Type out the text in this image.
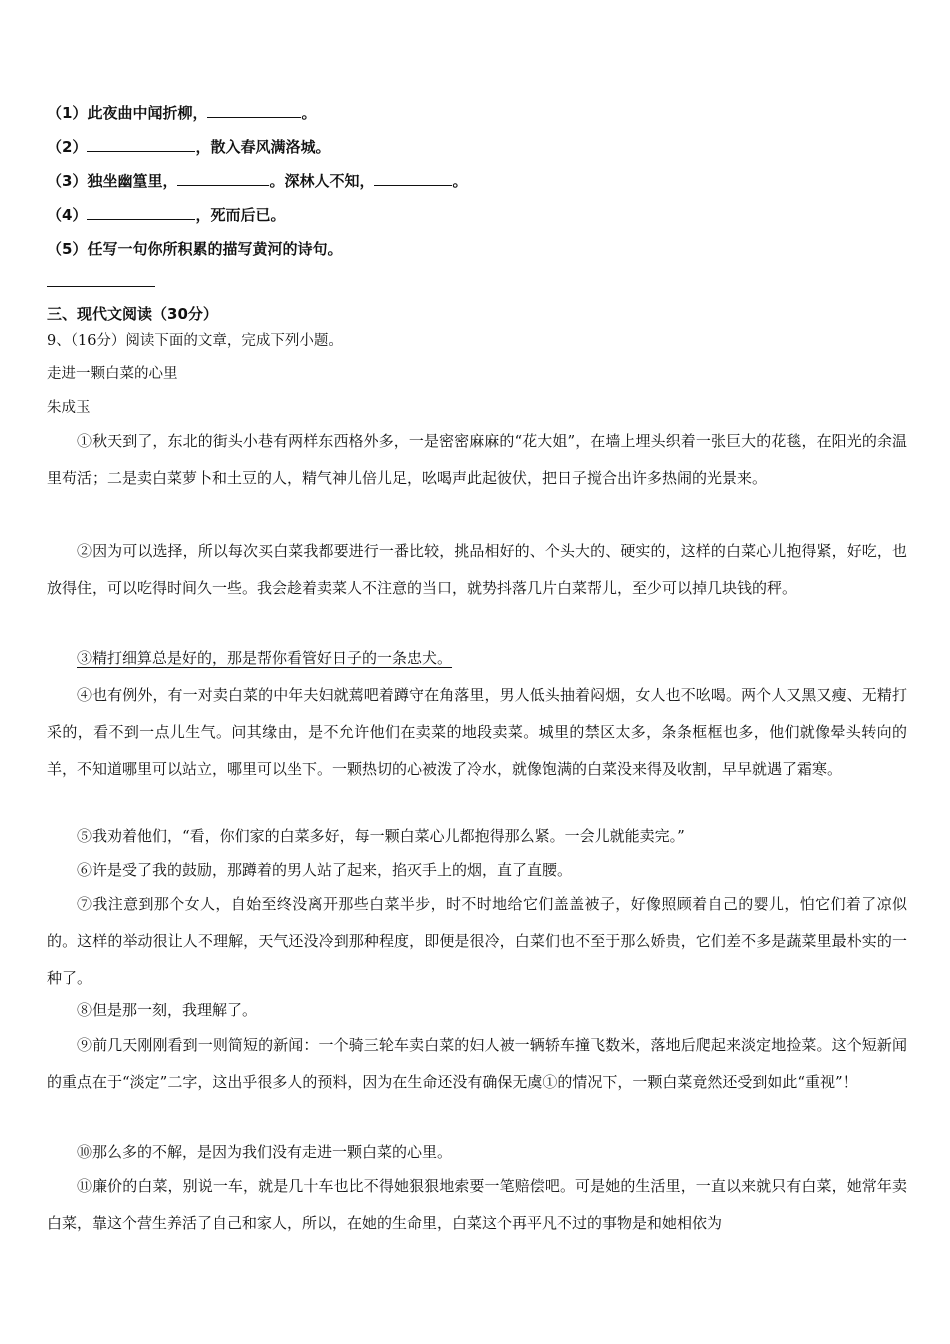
（1）此夜曲中闻折柳，	。
（2）	，散入春风满洛城。
（3）独坐幽篁里，	。深林人不知，	。
（4）	，死而后已。
（5）任写一句你所积累的描写黄河的诗句。
三、现代文阅读（30分）
9、（16分）阅读下面的文章，完成下列小题。
走进一颗白菜的心里
朱成玉

①秋天到了，东北的街头小巷有两样东西格外多，一是密密麻麻的“花大姐”，在墙上埋头织着一张巨大的花毯，在阳光的余温里苟活；二是卖白菜萝卜和土豆的人，精气神儿倍儿足，吆喝声此起彼伏，把日子搅合出许多热闹的光景来。

②因为可以选择，所以每次买白菜我都要进行一番比较，挑品相好的、个头大的、硬实的，这样的白菜心儿抱得紧，好吃，也放得住，可以吃得时间久一些。我会趁着卖菜人不注意的当口，就势抖落几片白菜帮儿，至少可以掉几块钱的秤。

③精打细算总是好的，那是帮你看管好日子的一条忠犬。

④也有例外，有一对卖白菜的中年夫妇就蔫吧着蹲守在角落里，男人低头抽着闷烟，女人也不吆喝。两个人又黑又瘦、无精打采的，看不到一点儿生气。问其缘由，是不允许他们在卖菜的地段卖菜。城里的禁区太多，条条框框也多，他们就像晕头转向的羊，不知道哪里可以站立，哪里可以坐下。一颗热切的心被泼了冷水，就像饱满的白菜没来得及收割，早早就遇了霜寒。

⑤我劝着他们，“看，你们家的白菜多好，每一颗白菜心儿都抱得那么紧。一会儿就能卖完。”

⑥许是受了我的鼓励，那蹲着的男人站了起来，掐灭手上的烟，直了直腰。

⑦我注意到那个女人，自始至终没离开那些白菜半步，时不时地给它们盖盖被子，好像照顾着自己的婴儿，怕它们着了凉似的。这样的举动很让人不理解，天气还没冷到那种程度，即便是很冷，白菜们也不至于那么娇贵，它们差不多是蔬菜里最朴实的一种了。

⑧但是那一刻，我理解了。

⑨前几天刚刚看到一则简短的新闻：一个骑三轮车卖白菜的妇人被一辆轿车撞飞数米，落地后爬起来淡定地捡菜。这个短新闻的重点在于“淡定”二字，这出乎很多人的预料，因为在生命还没有确保无虞①的情况下，一颗白菜竟然还受到如此“重视”！

⑩那么多的不解，是因为我们没有走进一颗白菜的心里。

⑪廉价的白菜，别说一车，就是几十车也比不得她狠狠地索要一笔赔偿吧。可是她的生活里，一直以来就只有白菜，她常年卖白菜，靠这个营生养活了自己和家人，所以，在她的生命里，白菜这个再平凡不过的事物是和她相依为
